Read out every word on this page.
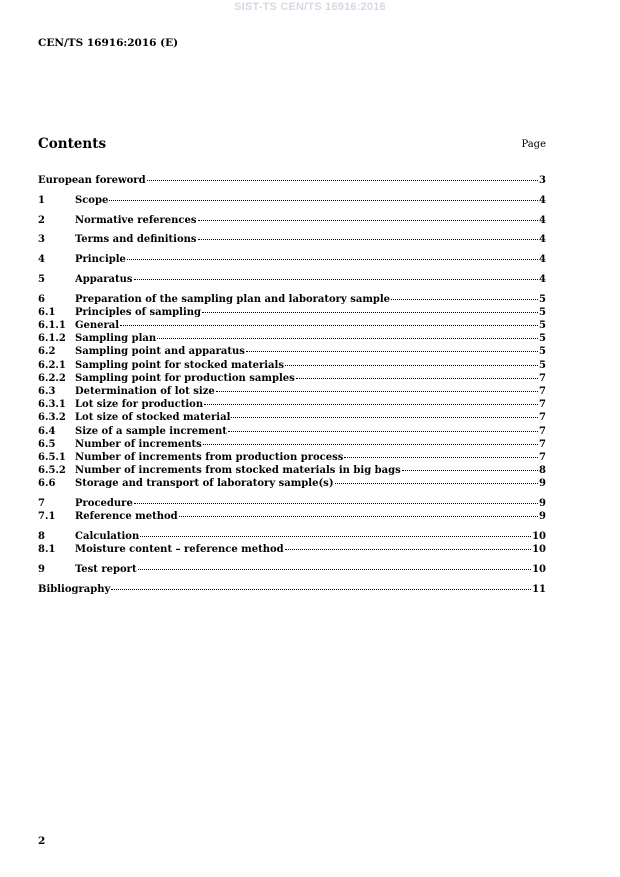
SIST-TS CEN/TS 16916:2016
CEN/TS 16916:2016 (E)
Contents	Page
European foreword	3
1	Scope	4
2	Normative references	4
3	Terms and definitions	4
4	Principle	4
5	Apparatus	4
6	Preparation of the sampling plan and laboratory sample	5
6.1	Principles of sampling	5
6.1.1 General	5
6.1.2 Sampling plan	5
6.2	Sampling point and apparatus	5
6.2.1 Sampling point for stocked materials	5
6.2.2 Sampling point for production samples	7
6.3	Determination of lot size	7
6.3.1 Lot size for production	7
6.3.2 Lot size of stocked material	7
6.4	Size of a sample increment	7
6.5	Number of increments	7
6.5.1 Number of increments from production process	7
6.5.2 Number of increments from stocked materials in big bags	8
6.6	Storage and transport of laboratory sample(s)	9
7	Procedure	9
7.1	Reference method	9
8	Calculation	10
8.1	Moisture content – reference method	10
9	Test report	10
Bibliography	11
2
